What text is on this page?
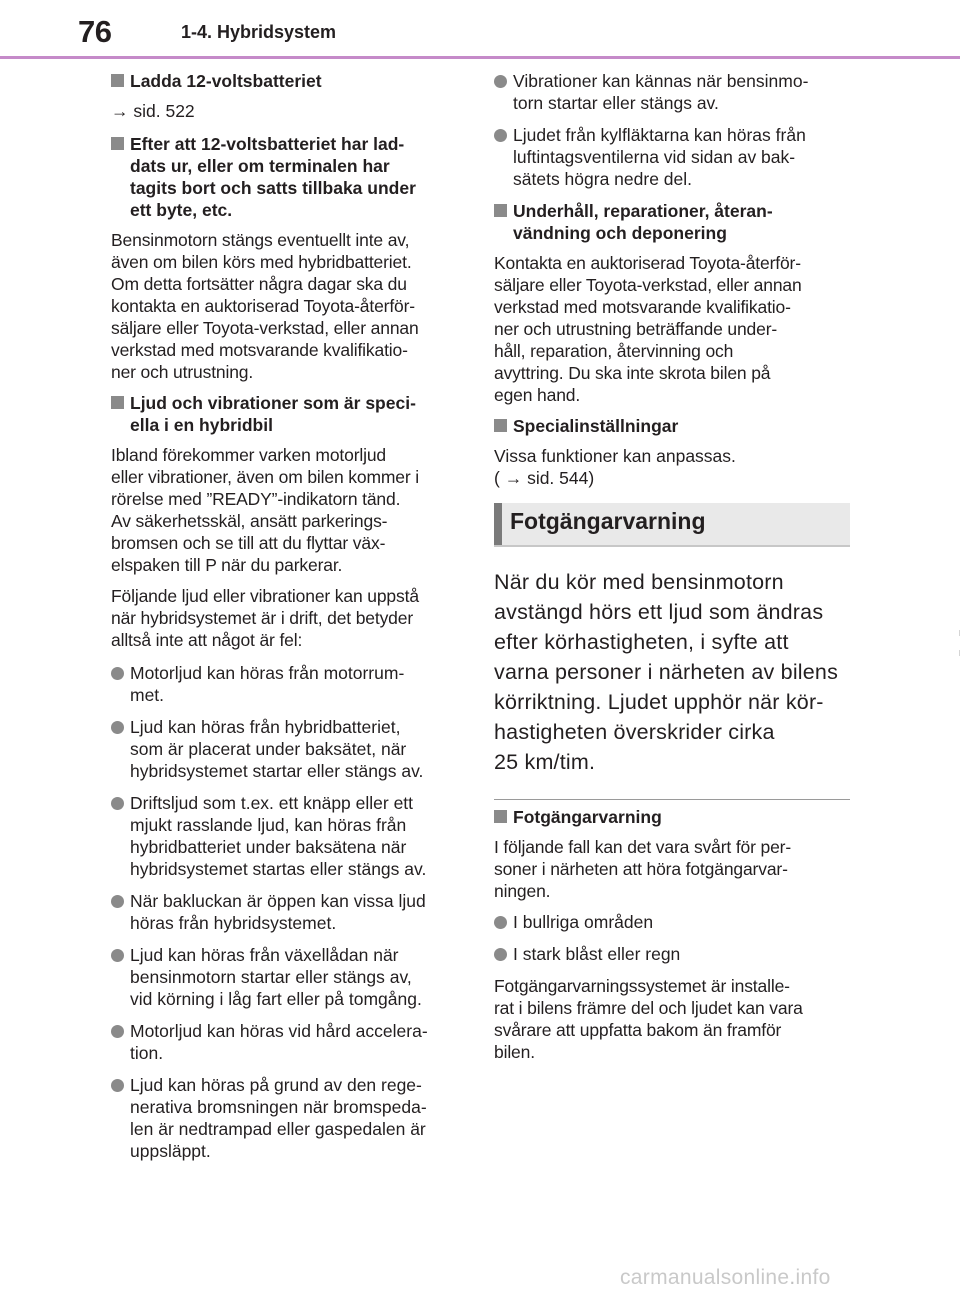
76	1-4. Hybridsystem
Ladda 12-voltsbatteriet
→ sid. 522
Efter att 12-voltsbatteriet har lad-
dats ur, eller om terminalen har
tagits bort och satts tillbaka under
ett byte, etc.
Bensinmotorn stängs eventuellt inte av,
även om bilen körs med hybridbatteriet.
Om detta fortsätter några dagar ska du
kontakta en auktoriserad Toyota-återför-
säljare eller Toyota-verkstad, eller annan
verkstad med motsvarande kvalifikatio-
ner och utrustning.
Ljud och vibrationer som är speci-
ella i en hybridbil
Ibland förekommer varken motorljud
eller vibrationer, även om bilen kommer i
rörelse med ”READY”-indikatorn tänd.
Av säkerhetsskäl, ansätt parkerings-
bromsen och se till att du flyttar väx-
elspaken till P när du parkerar.
Följande ljud eller vibrationer kan uppstå
när hybridsystemet är i drift, det betyder
alltså inte att något är fel:
Motorljud kan höras från motorrum-
met.
Ljud kan höras från hybridbatteriet,
som är placerat under baksätet, när
hybridsystemet startar eller stängs av.
Driftsljud som t.ex. ett knäpp eller ett
mjukt rasslande ljud, kan höras från
hybridbatteriet under baksätena när
hybridsystemet startas eller stängs av.
När bakluckan är öppen kan vissa ljud
höras från hybridsystemet.
Ljud kan höras från växellådan när
bensinmotorn startar eller stängs av,
vid körning i låg fart eller på tomgång.
Motorljud kan höras vid hård accelera-
tion.
Ljud kan höras på grund av den rege-
nerativa bromsningen när bromspeda-
len är nedtrampad eller gaspedalen är
uppsläppt.
Vibrationer kan kännas när bensinmo-
torn startar eller stängs av.
Ljudet från kylfläktarna kan höras från
luftintagsventilerna vid sidan av bak-
sätets högra nedre del.
Underhåll, reparationer, återan-
vändning och deponering
Kontakta en auktoriserad Toyota-återför-
säljare eller Toyota-verkstad, eller annan
verkstad med motsvarande kvalifikatio-
ner och utrustning beträffande under-
håll, reparation, återvinning och
avyttring. Du ska inte skrota bilen på
egen hand.
Specialinställningar
Vissa funktioner kan anpassas.
( → sid. 544)
Fotgängarvarning
När du kör med bensinmotorn
avstängd hörs ett ljud som ändras
efter körhastigheten, i syfte att
varna personer i närheten av bilens
körriktning. Ljudet upphör när kör-
hastigheten överskrider cirka
25 km/tim.
Fotgängarvarning
I följande fall kan det vara svårt för per-
soner i närheten att höra fotgängarvar-
ningen.
I bullriga områden
I stark blåst eller regn
Fotgängarvarningssystemet är installe-
rat i bilens främre del och ljudet kan vara
svårare att uppfatta bakom än framför
bilen.
carmanualsonline.info
